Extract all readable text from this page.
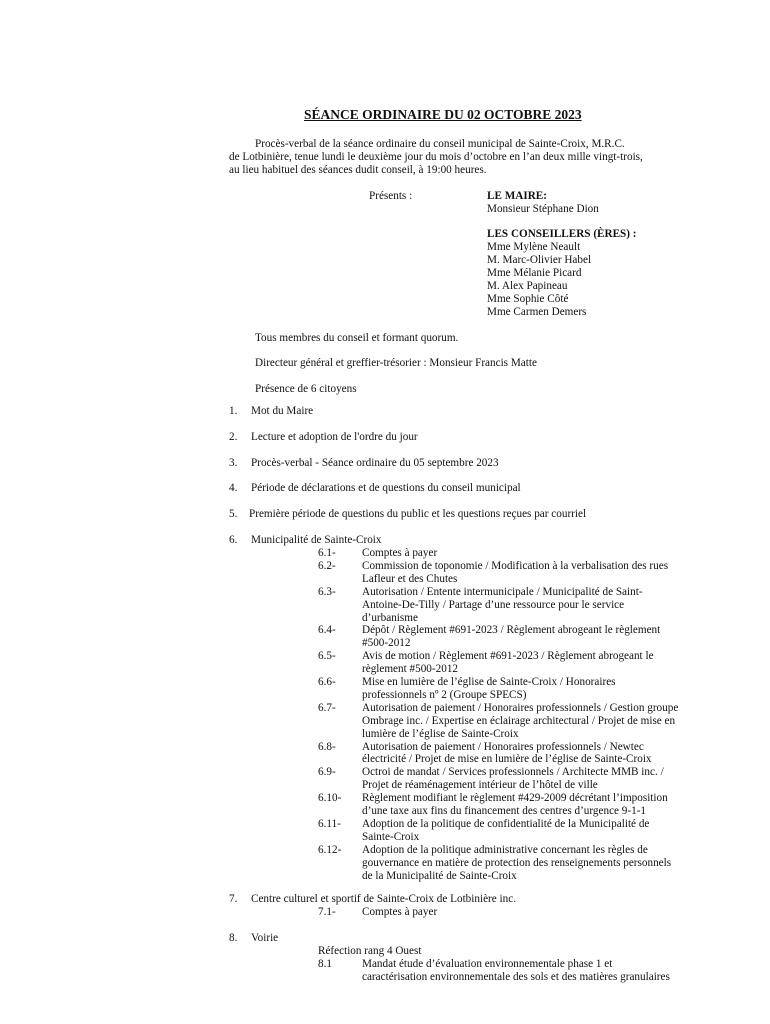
SÉANCE ORDINAIRE DU 02 OCTOBRE 2023
Procès-verbal de la séance ordinaire du conseil municipal de Sainte-Croix, M.R.C.
de Lotbinière, tenue lundi le deuxième jour du mois d’octobre en l’an deux mille vingt-trois,
au lieu habituel des séances dudit conseil, à 19:00 heures.
Présents :	LE MAIRE:
Monsieur Stéphane Dion
LES CONSEILLERS (ÈRES) :
Mme Mylène Neault
M. Marc-Olivier Habel
Mme Mélanie Picard
M. Alex Papineau
Mme Sophie Côté
Mme Carmen Demers
Tous membres du conseil et formant quorum.
Directeur général et greffier-trésorier : Monsieur Francis Matte
Présence de 6 citoyens
1. Mot du Maire
2. Lecture et adoption de l'ordre du jour
3. Procès-verbal - Séance ordinaire du 05 septembre 2023
4. Période de déclarations et de questions du conseil municipal
5. Première période de questions du public et les questions reçues par courriel
6. Municipalité de Sainte-Croix
6.1- Comptes à payer
6.2- Commission de toponomie / Modification à la verbalisation des rues
Lafleur et des Chutes
6.3- Autorisation / Entente intermunicipale / Municipalité de Saint-
Antoine-De-Tilly / Partage d’une ressource pour le service
d’urbanisme
6.4- Dépôt / Règlement #691-2023 / Règlement abrogeant le règlement
#500-2012
6.5- Avis de motion / Règlement #691-2023 / Règlement abrogeant le
règlement #500-2012
6.6- Mise en lumière de l’église de Sainte-Croix / Honoraires
professionnels nº 2 (Groupe SPECS)
6.7- Autorisation de paiement / Honoraires professionnels / Gestion groupe
Ombrage inc. / Expertise en éclairage architectural / Projet de mise en
lumière de l’église de Sainte-Croix
6.8- Autorisation de paiement / Honoraires professionnels / Newtec
électricité / Projet de mise en lumière de l’église de Sainte-Croix
6.9- Octroi de mandat / Services professionnels / Architecte MMB inc. /
Projet de réaménagement intérieur de l’hôtel de ville
6.10- Règlement modifiant le règlement #429-2009 décrétant l’imposition
d’une taxe aux fins du financement des centres d’urgence 9-1-1
6.11- Adoption de la politique de confidentialité de la Municipalité de
Sainte-Croix
6.12- Adoption de la politique administrative concernant les règles de
gouvernance en matière de protection des renseignements personnels
de la Municipalité de Sainte-Croix
7. Centre culturel et sportif de Sainte-Croix de Lotbinière inc.
7.1- Comptes à payer
8. Voirie
Réfection rang 4 Ouest
8.1	Mandat étude d’évaluation environnementale phase 1 et
caractérisation environnementale des sols et des matières granulaires
